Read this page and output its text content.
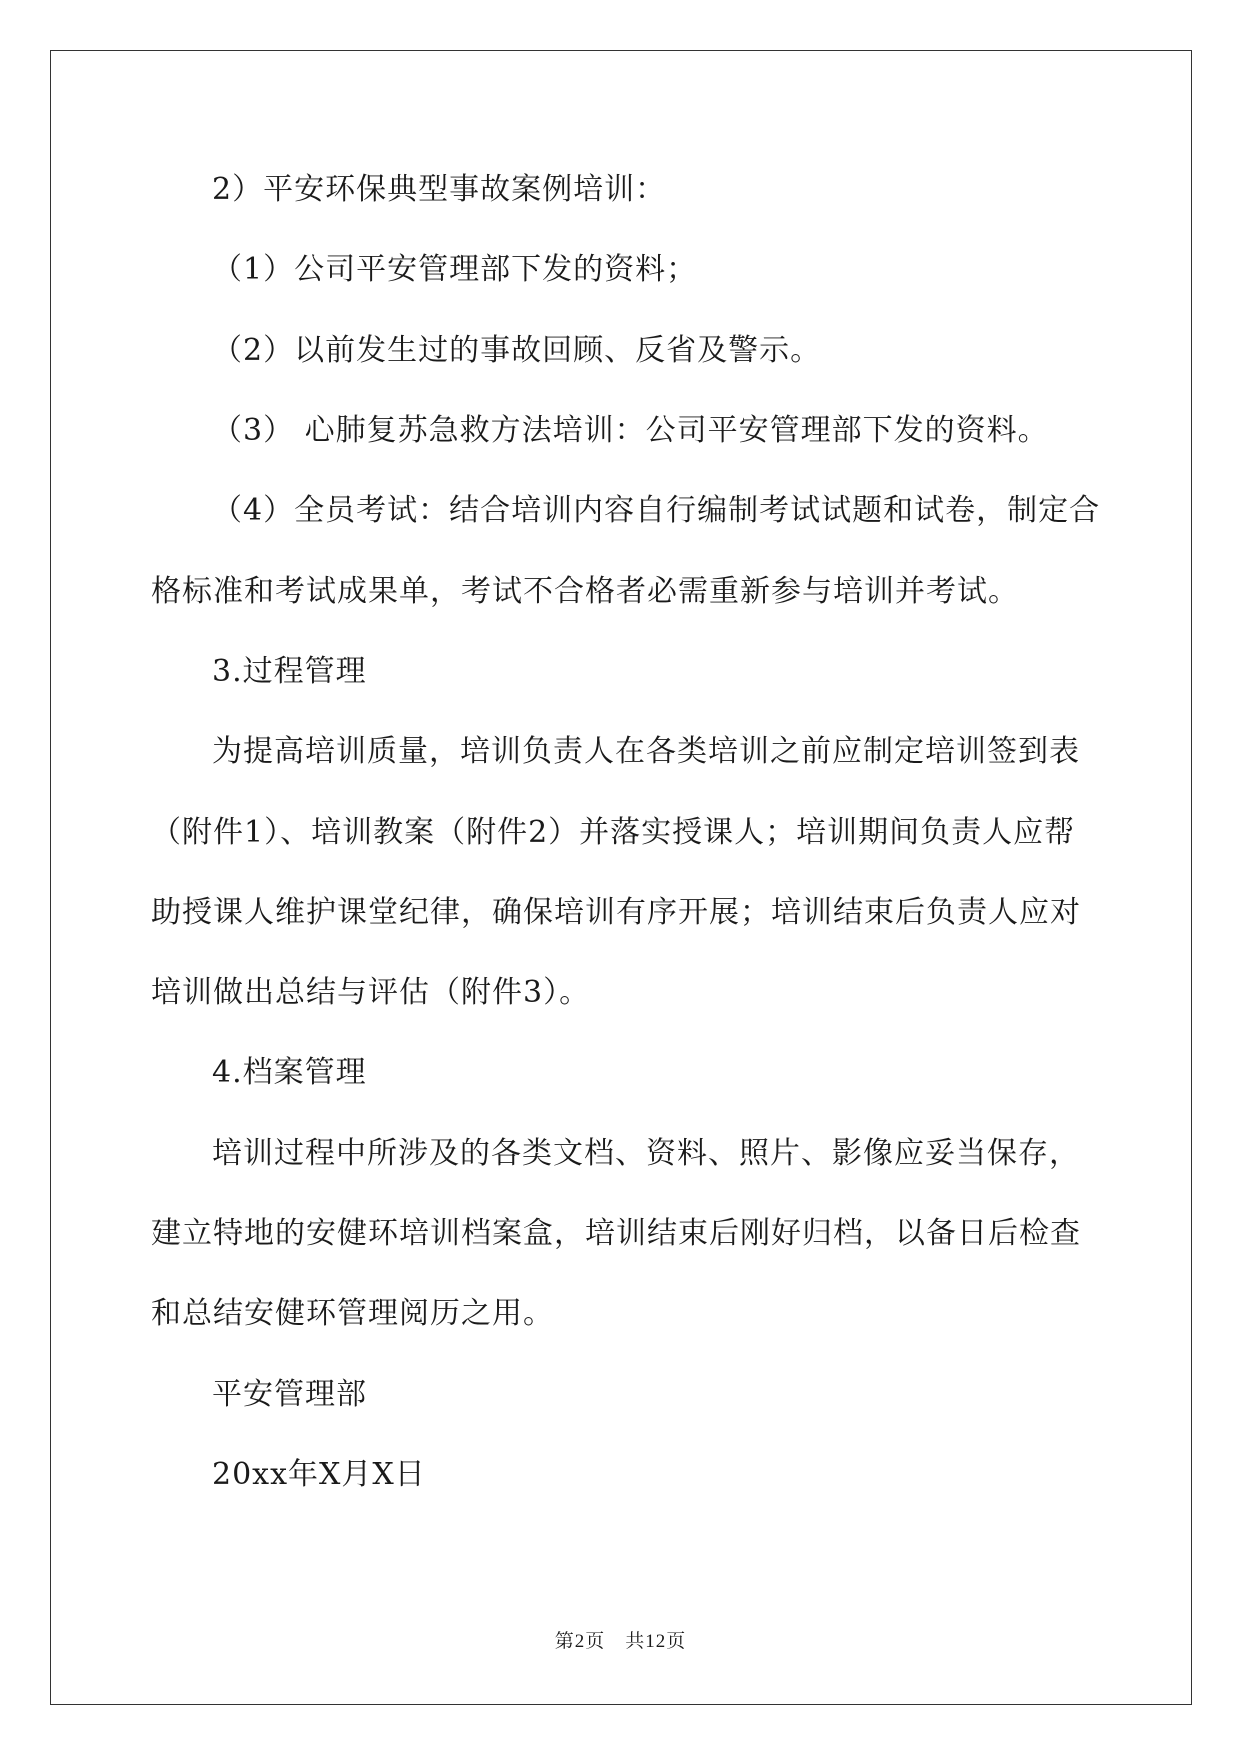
2）平安环保典型事故案例培训：
（1）公司平安管理部下发的资料；
（2）以前发生过的事故回顾、反省及警示。
（3） 心肺复苏急救方法培训：公司平安管理部下发的资料。
（4）全员考试：结合培训内容自行编制考试试题和试卷，制定合
格标准和考试成果单，考试不合格者必需重新参与培训并考试。
3.过程管理
为提高培训质量，培训负责人在各类培训之前应制定培训签到表
（附件1）、培训教案（附件2）并落实授课人；培训期间负责人应帮
助授课人维护课堂纪律，确保培训有序开展；培训结束后负责人应对
培训做出总结与评估（附件3）。
4.档案管理
培训过程中所涉及的各类文档、资料、照片、影像应妥当保存，
建立特地的安健环培训档案盒，培训结束后刚好归档，以备日后检查
和总结安健环管理阅历之用。
平安管理部
20xx年X月X日
第2页　共12页
